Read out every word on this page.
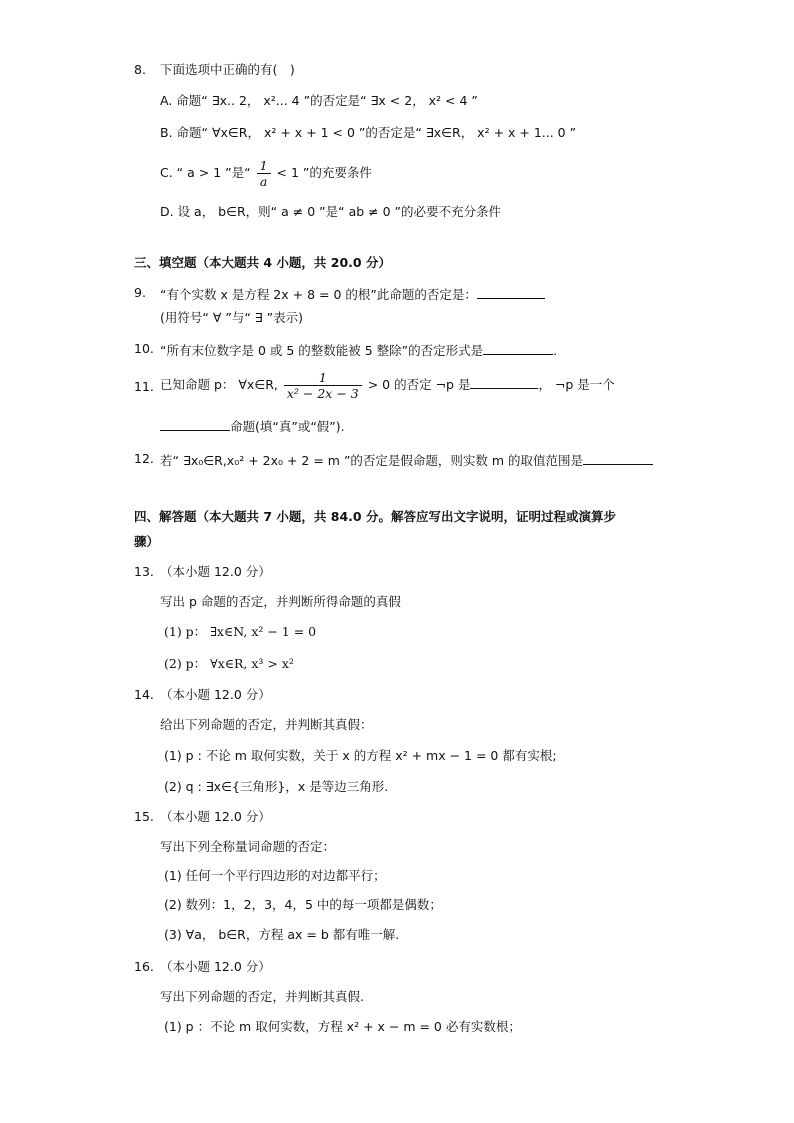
8. 下面选项中正确的有(　)
A. 命题“ ∃x.. 2， x²... 4 ”的否定是“ ∃x < 2， x² < 4 ”
B. 命题“ ∀x∈R， x² + x + 1 < 0 ”的否定是“ ∃x∈R， x² + x + 1... 0 ”
C. “ a > 1 ”是“ $\frac{1}{a} < 1$ ”的充要条件
D. 设 a， b∈R，则“ a ≠ 0 ”是“ ab ≠ 0 ”的必要不充分条件
三、填空题（本大题共 4 小题，共 20.0 分）
9. “有个实数 x 是方程 2x + 8 = 0 的根”此命题的否定是：
(用符号“ ∀ ”与“ ∃ ”表示)
10. “所有末位数字是 0 或 5 的整数能被 5 整除”的否定形式是	.
11. 已知命题 p： ∀x∈R, $\frac{1}{\text{x² − 2x − 3}} > 0$ 的否定 ¬p 是	， ¬p 是一个
命题(填“真”或“假”).
12. 若“ ∃x₀∈R,x₀² + 2x₀ + 2 = m ”的否定是假命题，则实数 m 的取值范围是
四、解答题（本大题共 7 小题，共 84.0 分。解答应写出文字说明，证明过程或演算步
骤）
13. （本小题 12.0 分）
写出 p 命题的否定，并判断所得命题的真假
(1) p： ∃x∈N, x² − 1 = 0
(2) p： ∀x∈R, x³ > x²
14. （本小题 12.0 分）
给出下列命题的否定，并判断其真假：
(1) p : 不论 m 取何实数，关于 x 的方程 x² + mx − 1 = 0 都有实根;
(2) q : ∃x∈{三角形}，x 是等边三角形.
15. （本小题 12.0 分）
写出下列全称量词命题的否定：
(1) 任何一个平行四边形的对边都平行；
(2) 数列：1，2，3，4，5 中的每一项都是偶数；
(3) ∀a， b∈R，方程 ax = b 都有唯一解.
16. （本小题 12.0 分）
写出下列命题的否定，并判断其真假.
(1) p ：不论 m 取何实数，方程 x² + x − m = 0 必有实数根；
